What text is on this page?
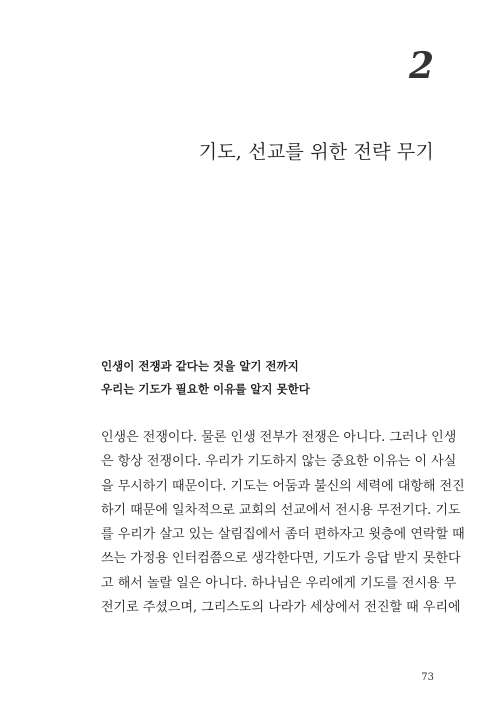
2
기도, 선교를 위한 전략 무기
인생이 전쟁과 같다는 것을 알기 전까지
우리는 기도가 필요한 이유를 알지 못한다
인생은 전쟁이다. 물론 인생 전부가 전쟁은 아니다. 그러나 인생
은 항상 전쟁이다. 우리가 기도하지 않는 중요한 이유는 이 사실
을 무시하기 때문이다. 기도는 어둠과 불신의 세력에 대항해 전진
하기 때문에 일차적으로 교회의 선교에서 전시용 무전기다. 기도
를 우리가 살고 있는 살림집에서 좀더 편하자고 윗층에 연락할 때
쓰는 가정용 인터컴쯤으로 생각한다면, 기도가 응답 받지 못한다
고 해서 놀랄 일은 아니다. 하나님은 우리에게 기도를 전시용 무
전기로 주셨으며, 그리스도의 나라가 세상에서 전진할 때 우리에
73
